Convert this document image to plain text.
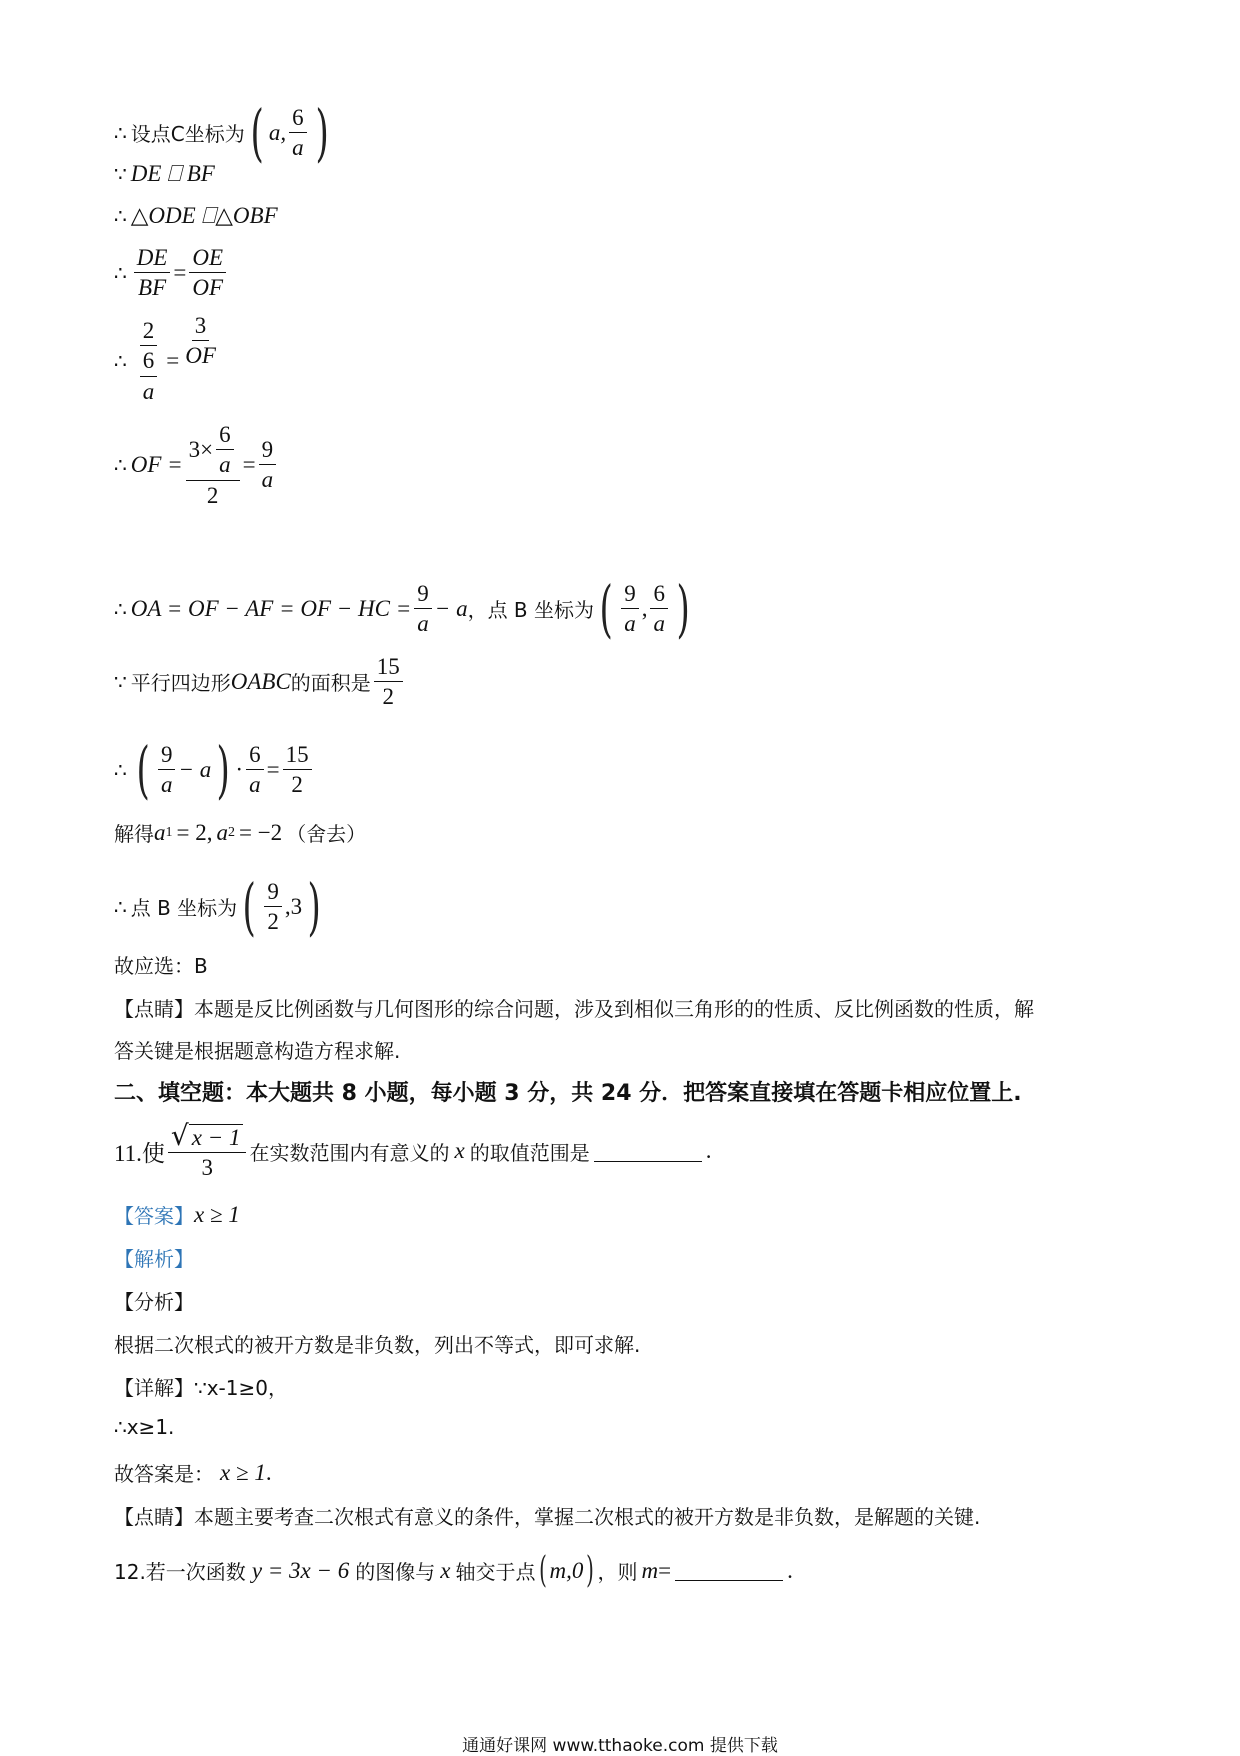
∴ 设点C坐标为 ( a, $\frac{6}{a}$ )
∵ DE ⎕ BF
∴ △ODE ⎕△OBF
∴ $\frac{DE}{BF} = \frac{OE}{OF}$
∴ $\frac{2}{\frac{6}{a}} = \frac{3}{OF}$
∴ OF = $\frac{3\times \frac{6}{a}}{2} = \frac{9}{a}$
∴ OA = OF − AF = OF − HC = $\frac{9}{a} - a$ ，点 B 坐标为 ( $\frac{9}{a}$ , $\frac{6}{a}$ )
∵ 平行四边形 OABC 的面积是 $\frac{15}{2}$
∴ ( $\frac{9}{a} - a$ ) · $\frac{6}{a} = \frac{15}{2}$
解得 a 1 = 2, a 2 = −2 （舍去）
∴ 点 B 坐标为 ( $\frac{9}{2} ,3$ )
故应选：B
【点睛】本题是反比例函数与几何图形的综合问题，涉及到相似三角形的的性质、反比例函数的性质，解
答关键是根据题意构造方程求解.
二、填空题：本大题共 8 小题，每小题 3 分，共 24 分．把答案直接填在答题卡相应位置上.
11.使 $\frac{√ x - 1}{3}$ 在实数范围内有意义的 x 的取值范围是	.
【答案】 x ≥ 1
【解析】
【分析】
根据二次根式的被开方数是非负数，列出不等式，即可求解.
【详解】∵x-1≥0，
∴x≥1.
故答案是： x ≥ 1 .
【点睛】本题主要考查二次根式有意义的条件，掌握二次根式的被开方数是非负数，是解题的关键.
12.若一次函数 y = 3x − 6 的图像与 x 轴交于点 ( m,0 ) ，则 m =	.
通通好课网 www.tthaoke.com 提供下载
